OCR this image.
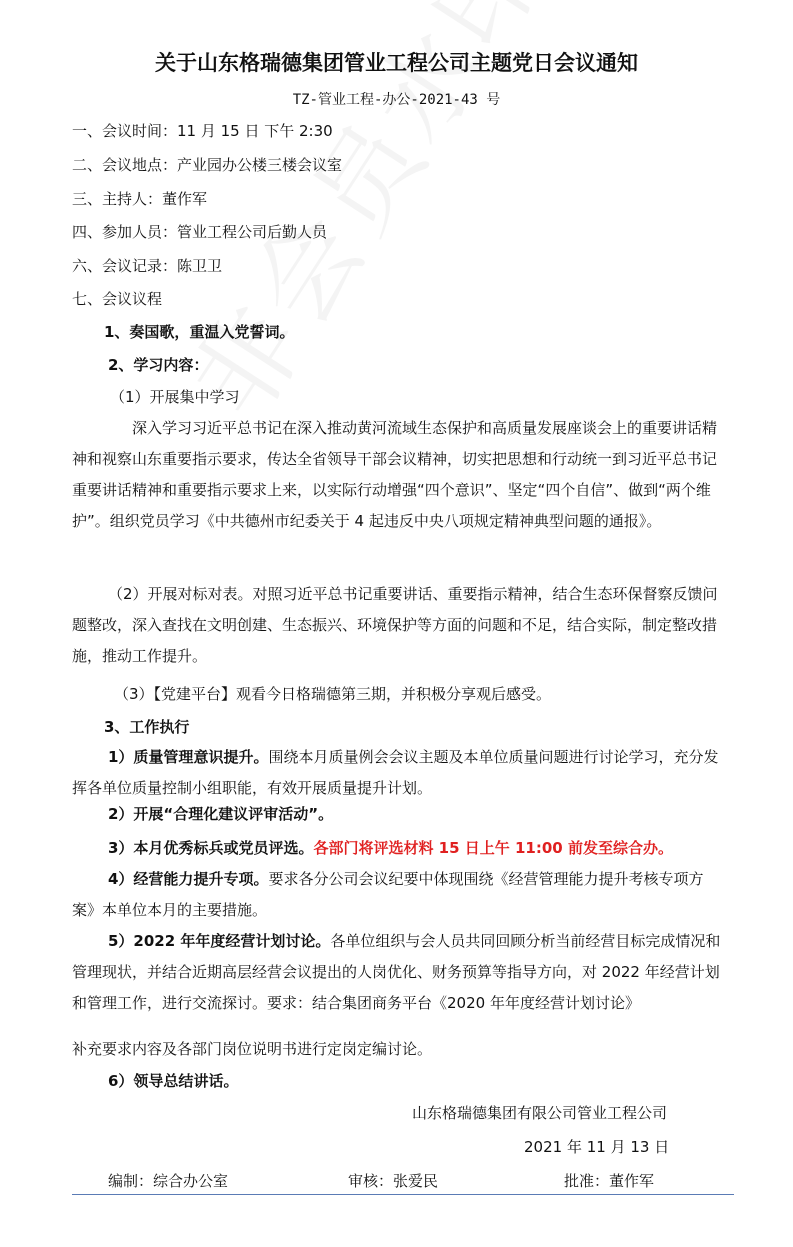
关于山东格瑞德集团管业工程公司主题党日会议通知
TZ-管业工程-办公-2021-43 号
一、会议时间：11 月 15 日 下午 2:30
二、会议地点：产业园办公楼三楼会议室
三、主持人：董作军
四、参加人员：管业工程公司后勤人员
六、会议记录：陈卫卫
七、会议议程
1、奏国歌，重温入党誓词。
2、学习内容：
（1）开展集中学习
深入学习习近平总书记在深入推动黄河流域生态保护和高质量发展座谈会上的重要讲话精神和视察山东重要指示要求，传达全省领导干部会议精神，切实把思想和行动统一到习近平总书记重要讲话精神和重要指示要求上来，以实际行动增强“四个意识”、坚定“四个自信”、做到“两个维护”。组织党员学习《中共德州市纪委关于 4 起违反中央八项规定精神典型问题的通报》。
（2）开展对标对表。对照习近平总书记重要讲话、重要指示精神，结合生态环保督察反馈问题整改，深入查找在文明创建、生态振兴、环境保护等方面的问题和不足，结合实际，制定整改措施，推动工作提升。
（3）【党建平台】观看今日格瑞德第三期，并积极分享观后感受。
3、工作执行
1）质量管理意识提升。围绕本月质量例会会议主题及本单位质量问题进行讨论学习，充分发挥各单位质量控制小组职能，有效开展质量提升计划。
2）开展“合理化建议评审活动”。
3）本月优秀标兵或党员评选。各部门将评选材料 15 日上午 11:00 前发至综合办。
4）经营能力提升专项。要求各分公司会议纪要中体现围绕《经营管理能力提升考核专项方案》本单位本月的主要措施。
5）2022 年年度经营计划讨论。各单位组织与会人员共同回顾分析当前经营目标完成情况和管理现状，并结合近期高层经营会议提出的人岗优化、财务预算等指导方向，对 2022 年经营计划和管理工作，进行交流探讨。要求：结合集团商务平台《2020 年年度经营计划讨论》
补充要求内容及各部门岗位说明书进行定岗定编讨论。
6）领导总结讲话。
山东格瑞德集团有限公司管业工程公司
2021 年 11 月 13 日
编制：综合办公室	审核：张爱民	批准：董作军
